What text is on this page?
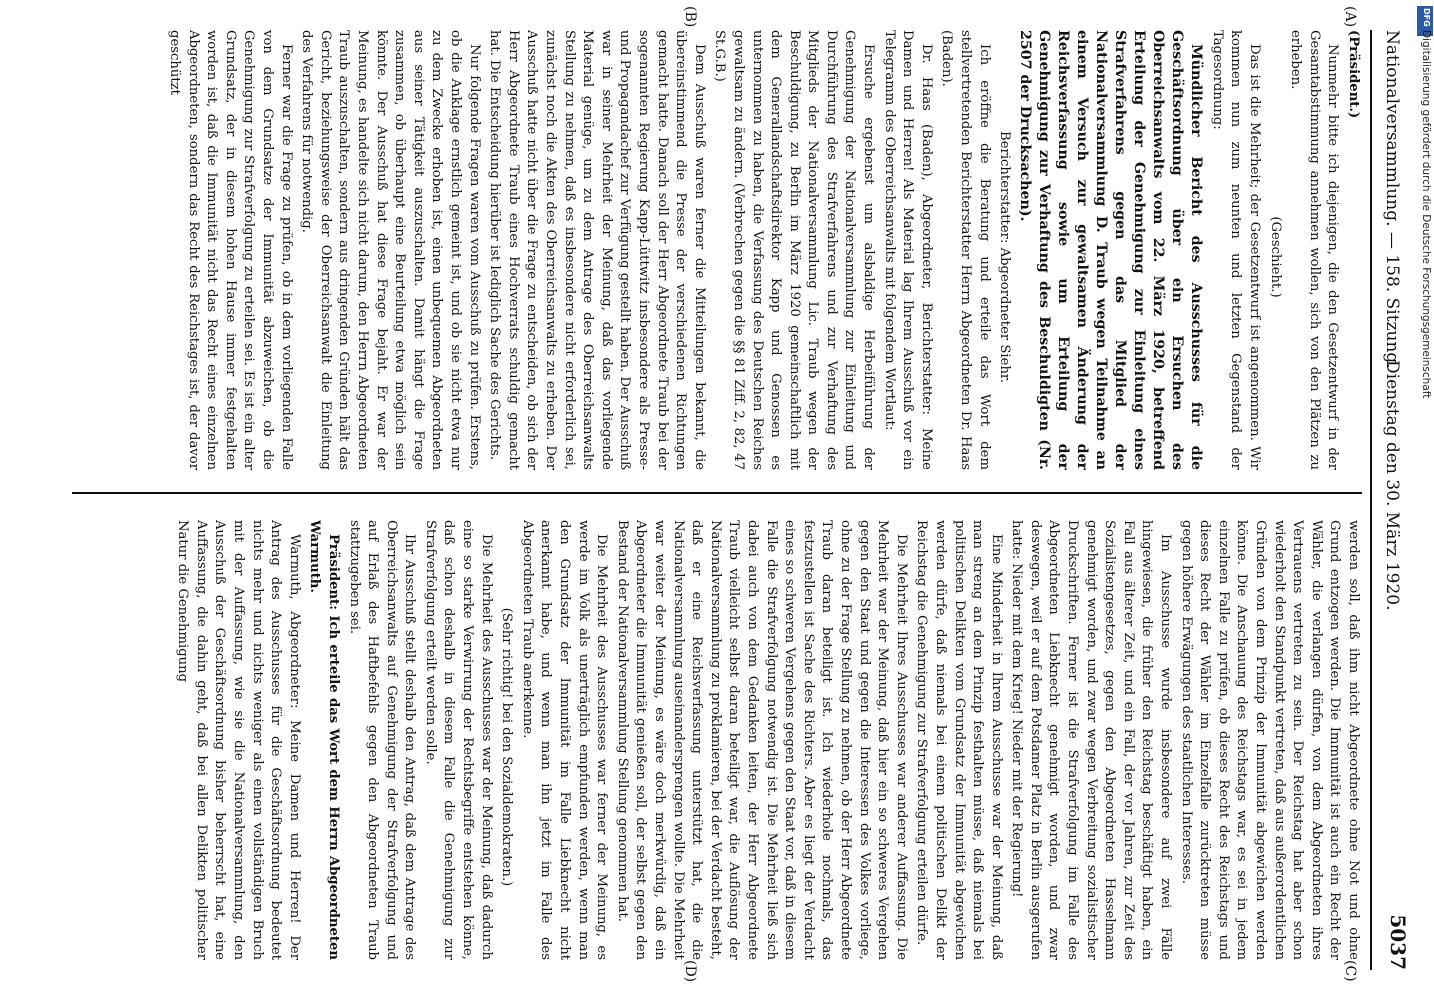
Nationalversammlung. — 158. Sitzung.
Dienstag den 30. März 1920.
5037

(Präsident.)

Nunmehr bitte ich diejenigen, die den Gesetzentwurf in der Gesamtabstimmung annehmen wollen, sich von den Plätzen zu erheben.

(Geschieht.)

Das ist die Mehrheit; der Gesetzentwurf ist angenommen. Wir kommen nun zum neunten und letzten Gegenstand der Tagesordnung:

Mündlicher Bericht des Ausschusses für die Geschäftsordnung über ein Ersuchen des Oberreichsanwalts vom 22. März 1920, betreffend Erteilung der Genehmigung zur Einleitung eines Strafverfahrens gegen das Mitglied der Nationalversammlung D. Traub wegen Teilnahme an einem Versuch zur gewaltsamen Änderung der Reichsverfassung sowie um Erteilung der Genehmigung zur Verhaftung des Beschuldigten (Nr. 2507 der Drucksachen).

Berichterstatter: Abgeordneter Siehr.

Ich eröffne die Beratung und erteile das Wort dem stellvertretenden Berichterstatter Herrn Abgeordneten Dr. Haas (Baden).

Dr. Haas (Baden), Abgeordneter, Berichterstatter: Meine Damen und Herren! Als Material lag Ihrem Ausschuß vor ein Telegramm des Oberreichsanwalts mit folgendem Wortlaut:

Ersuche ergebenst um alsbaldige Herbeiführung der Genehmigung der Nationalversammlung zur Einleitung und Durchführung des Strafverfahrens und zur Verhaftung des Mitglieds der Nationalversammlung Lic. Traub wegen der Beschuldigung, zu Berlin im März 1920 gemeinschaftlich mit dem Generallandschaftsdirektor Kapp und Genossen es unternommen zu haben, die Verfassung des Deutschen Reiches gewaltsam zu ändern. (Verbrechen gegen die §§ 81 Ziff. 2, 82, 47 St.G.B.)

Dem Ausschuß waren ferner die Mitteilungen bekannt, die übereinstimmend die Presse der verschiedenen Richtungen gemacht hatte. Danach soll der Herr Abgeordnete Traub bei der sogenannten Regierung Kapp-Lüttwitz insbesondere als Presse- und Propagandachef zur Verfügung gestellt haben. Der Ausschuß war in seiner Mehrheit der Meinung, daß das vorliegende Material genüge, um zu dem Antrage des Oberreichsanwalts Stellung zu nehmen, daß es insbesondere nicht erforderlich sei, zunächst noch die Akten des Oberreichsanwalts zu erheben. Der Ausschuß hatte nicht über die Frage zu entscheiden, ob sich der Herr Abgeordnete Traub eines Hochverrats schuldig gemacht hat. Die Entscheidung hierüber ist lediglich Sache des Gerichts.

Nur folgende Fragen waren vom Ausschuß zu prüfen. Erstens, ob die Anklage ernstlich gemeint ist, und ob sie nicht etwa nur zu dem Zwecke erhoben ist, einen unbequemen Abgeordneten aus seiner Tätigkeit auszuschalten. Damit hängt die Frage zusammen, ob überhaupt eine Beurteilung etwa möglich sein könnte. Der Ausschuß hat diese Frage bejaht. Er war der Meinung, es handelte sich nicht darum, den Herrn Abgeordneten Traub auszuschalten, sondern aus dringenden Gründen hält das Gericht, beziehungsweise der Oberreichsanwalt die Einleitung des Verfahrens für notwendig.

Ferner war die Frage zu prüfen, ob in dem vorliegenden Falle von dem Grundsatze der Immunität abzuweichen, ob die Genehmigung zur Strafverfolgung zu erteilen sei. Es ist ein alter Grundsatz, der in diesem hohen Hause immer festgehalten worden ist, daß die Immunität nicht das Recht eines einzelnen Abgeordneten, sondern das Recht des Reichstages ist, der davor geschützt

werden soll, daß ihm nicht Abgeordnete ohne Not und ohne Grund entzogen werden. Die Immunität ist auch ein Recht der Wähler, die verlangen dürfen, von dem Abgeordneten ihres Vertrauens vertreten zu sein. Der Reichstag hat aber schon wiederholt den Standpunkt vertreten, daß aus außerordentlichen Gründen von dem Prinzip der Immunität abgewichen werden könne. Die Anschauung des Reichstags war, es sei in jedem einzelnen Falle zu prüfen, ob dieses Recht des Reichstags und dieses Recht der Wähler im Einzelfalle zurücktreten müsse gegen höhere Erwägungen des staatlichen Interesses.

Im Ausschusse wurde insbesondere auf zwei Fälle hingewiesen, die früher den Reichstag beschäftigt haben, ein Fall aus älterer Zeit, und ein Fall, der vor Jahren, zur Zeit des Sozialistengesetzes, gegen den Abgeordneten Hasselmann genehmigt worden, und zwar wegen Verbreitung sozialistischer Druckschriften. Ferner ist die Strafverfolgung im Falle des Abgeordneten Liebknecht genehmigt worden, und zwar deswegen, weil er auf dem Potsdamer Platz in Berlin ausgerufen hatte: Nieder mit dem Krieg! Nieder mit der Regierung!

Eine Minderheit in Ihrem Ausschusse war der Meinung, daß man streng an dem Prinzip festhalten müsse, daß niemals bei politischen Delikten vom Grundsatz der Immunität abgewichen werden dürfe, daß niemals bei einem politischen Delikt der Reichstag die Genehmigung zur Strafverfolgung erteilen dürfe.

Die Mehrheit Ihres Ausschusses war anderer Auffassung. Die Mehrheit war der Meinung, daß hier ein so schweres Vergehen gegen den Staat und gegen die Interessen des Volkes vorliege, ohne zu der Frage Stellung zu nehmen, ob der Herr Abgeordnete Traub daran beteiligt ist. Ich wiederhole nochmals, das festzustellen ist Sache des Richters. Aber es liegt der Verdacht eines so schweren Vergehens gegen den Staat vor, daß in diesem Falle die Strafverfolgung notwendig ist. Die Mehrheit ließ sich dabei auch von dem Gedanken leiten, der Herr Abgeordnete Traub vielleicht selbst daran beteiligt war, die Auflösung der Nationalversammlung zu proklamieren, bei der Verdacht besteht, daß er eine Reichsverfassung unterstützt hat, die die Nationalversammlung auseinandersprengen wollte. Die Mehrheit war weiter der Meinung, es wäre doch merkwürdig, daß ein Abgeordneter die Immunität genießen soll, der selbst gegen den Bestand der Nationalversammlung Stellung genommen hat.

Die Mehrheit des Ausschusses war ferner der Meinung, es werde im Volk als unerträglich empfunden werden, wenn man den Grundsatz der Immunität im Falle Liebknecht nicht anerkannt habe, und wenn man ihn jetzt im Falle des Abgeordneten Traub anerkenne.

(Sehr richtig! bei den Sozialdemokraten.)

Die Mehrheit des Ausschusses war der Meinung, daß dadurch eine so starke Verwirrung der Rechtsbegriffe entstehen könne, daß schon deshalb in diesem Falle die Genehmigung zur Strafverfolgung erteilt werden solle.

Ihr Ausschuß stellt deshalb den Antrag, daß dem Antrage des Oberreichsanwalts auf Genehmigung der Strafverfolgung und auf Erlaß des Haftbefehls gegen den Abgeordneten Traub stattzugeben sei.

Präsident: Ich erteile das Wort dem Herrn Abgeordneten Warmuth.

Warmuth, Abgeordneter: Meine Damen und Herren! Der Antrag des Ausschusses für die Geschäftsordnung bedeutet nichts mehr und nichts weniger als einen vollständigen Bruch mit der Auffassung, wie sie die Nationalversammlung, den Ausschuß der Geschäftsordnung bisher beherrscht hat, eine Auffassung, die dahin geht, daß bei allen Delikten politischer Natur die Genehmigung

(A)
(B)
(C)
(D)
DFG
Digitalisierung gefördert durch die Deutsche Forschungsgemeinschaft
